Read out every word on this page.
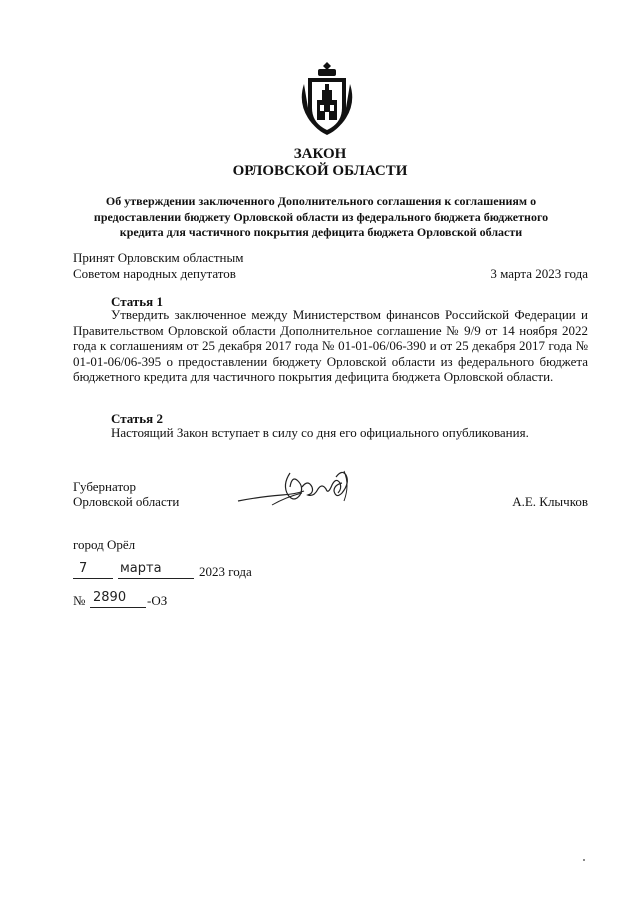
ЗАКОН
ОРЛОВСКОЙ ОБЛАСТИ
Об утверждении заключенного Дополнительного соглашения к соглашениям о предоставлении бюджету Орловской области из федерального бюджета бюджетного кредита для частичного покрытия дефицита бюджета Орловской области
Принят Орловским областным
Советом народных депутатов	3 марта 2023 года
Статья 1
Утвердить заключенное между Министерством финансов Российской Федерации и Правительством Орловской области Дополнительное соглашение № 9/9 от 14 ноября 2022 года к соглашениям от 25 декабря 2017 года № 01-01-06/06-390 и от 25 декабря 2017 года № 01-01-06/06-395 о предоставлении бюджету Орловской области из федерального бюджета бюджетного кредита для частичного покрытия дефицита бюджета Орловской области.
Статья 2
Настоящий Закон вступает в силу со дня его официального опубликования.
Губернатор
Орловской области	А.Е. Клычков
город Орёл
7	марта	2023 года
№ 2890 -ОЗ
